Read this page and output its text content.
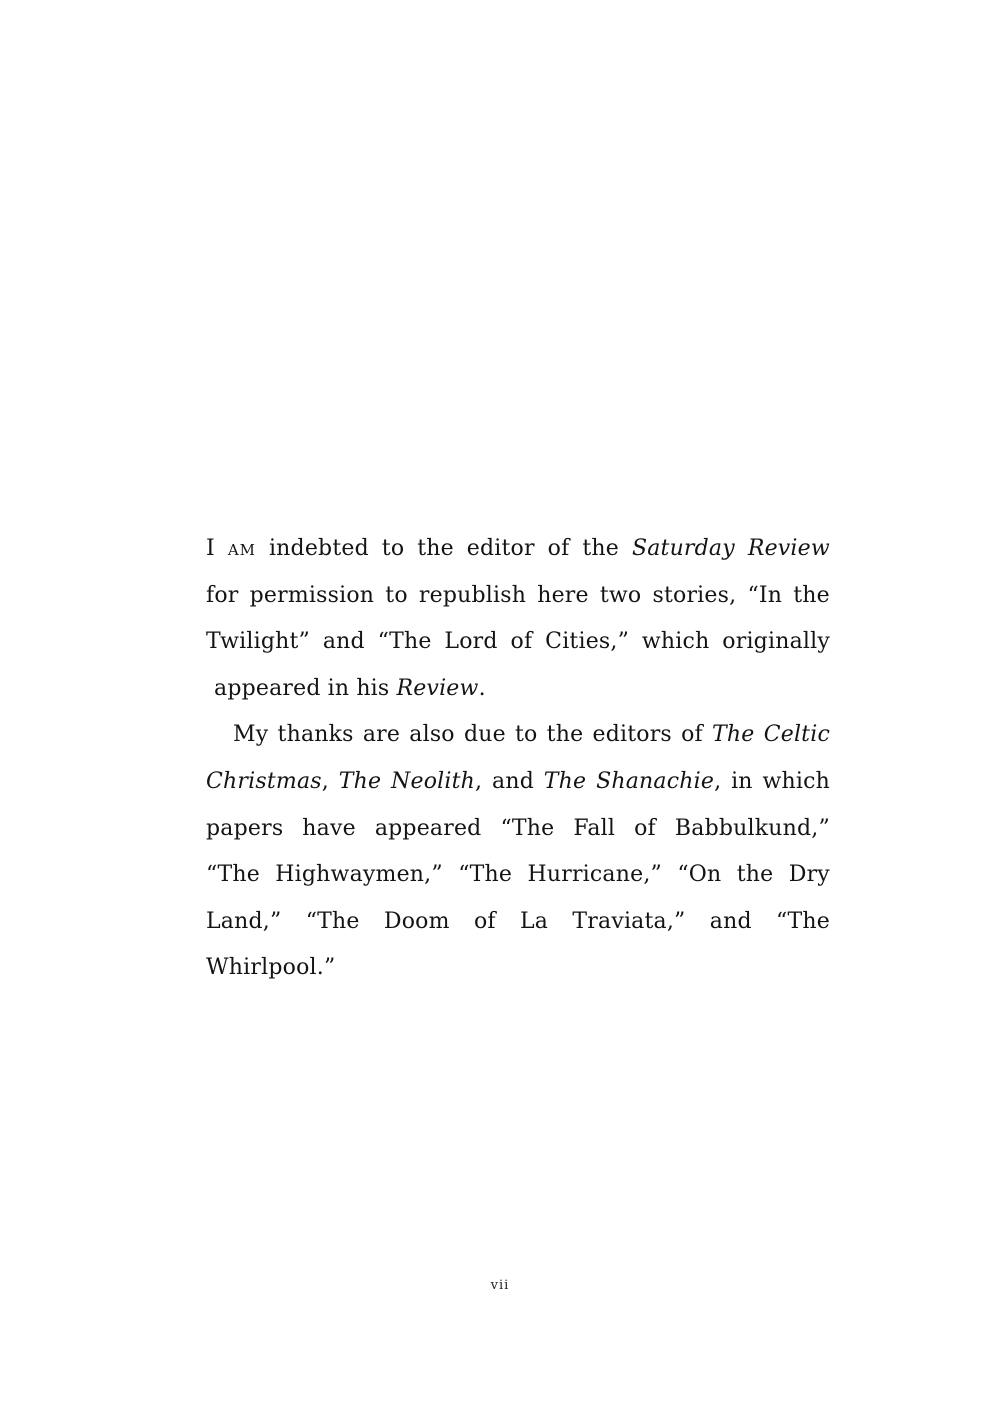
I AM indebted to the editor of the Saturday Review
for permission to republish here two stories, “In the
Twilight” and “The Lord of Cities,” which originally
appeared in his Review.
My thanks are also due to the editors of The Celtic
Christmas, The Neolith, and The Shanachie, in which
papers have appeared “The Fall of Babbulkund,”
“The Highwaymen,” “The Hurricane,” “On the Dry
Land,” “The Doom of La Traviata,” and “The
Whirlpool.”
vii
